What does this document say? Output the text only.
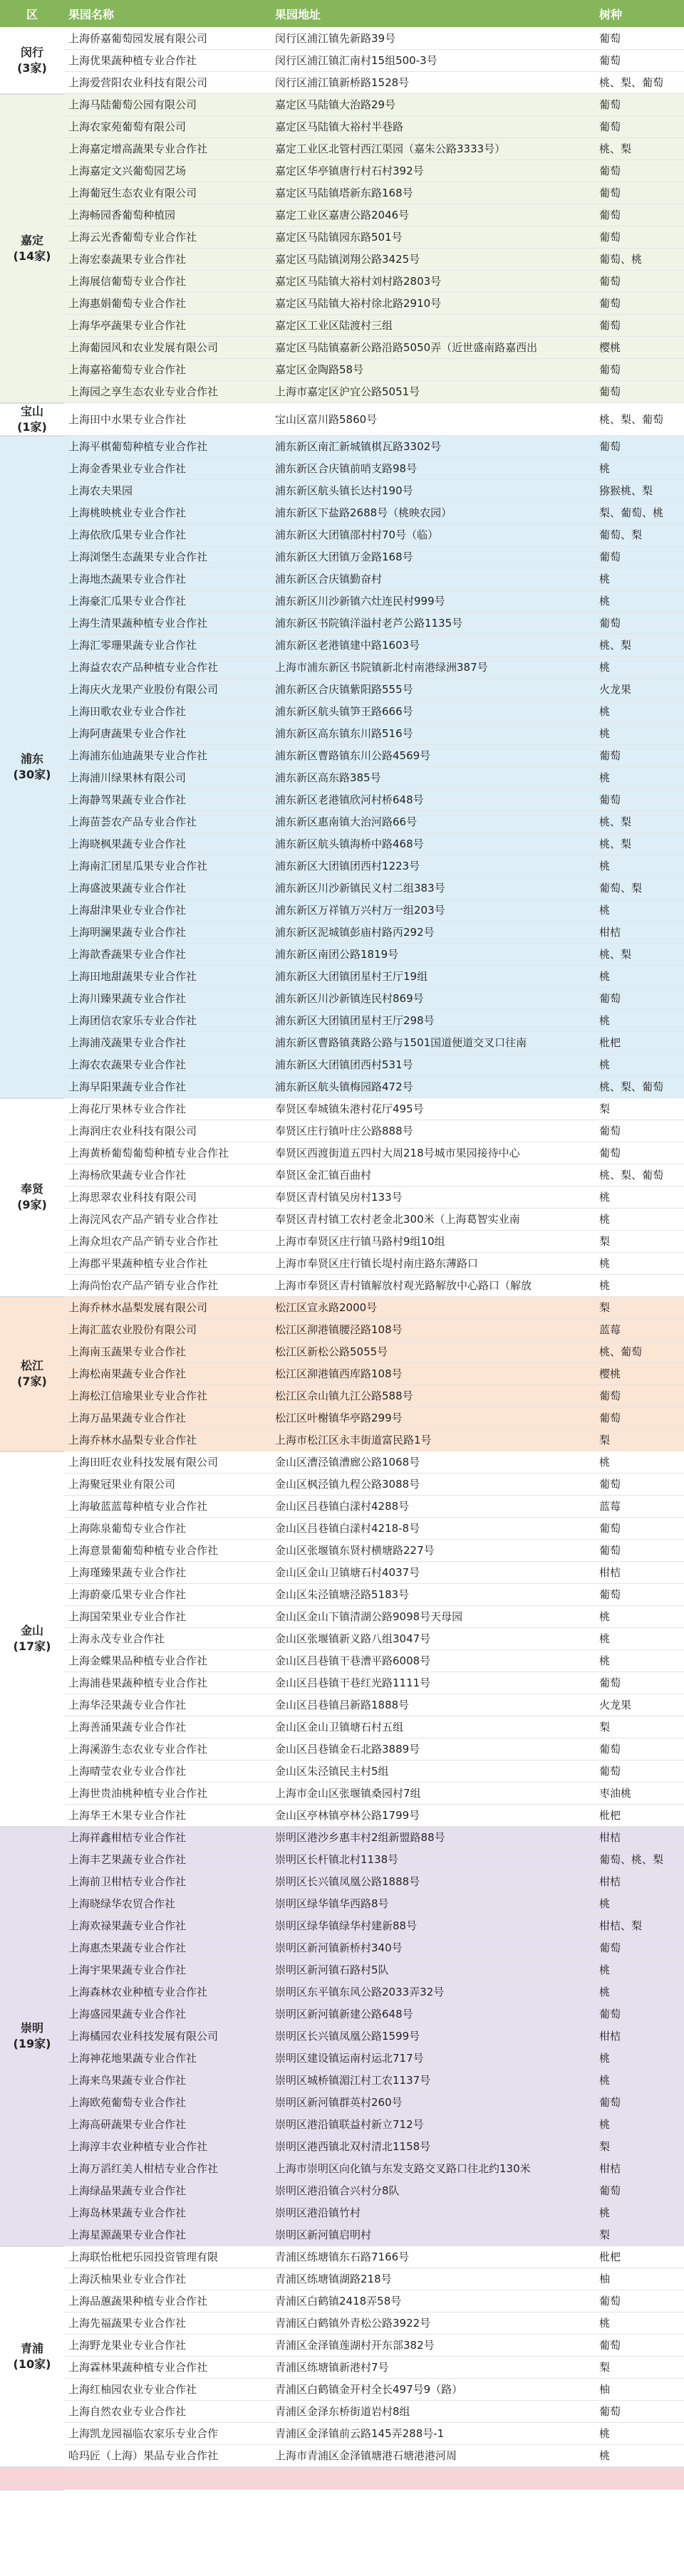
区	果园名称	果园地址	树种

闵行
(3家)	上海侨嘉葡萄园发展有限公司	闵行区浦江镇先新路39号	葡萄
	上海优果蔬种植专业合作社	闵行区浦江镇汇南村15组500-3号	葡萄
	上海爱营阳农业科技有限公司	闵行区浦江镇新桥路1528号	桃、梨、葡萄

嘉定
(14家)	上海马陆葡萄公园有限公司	嘉定区马陆镇大治路29号	葡萄
	上海农家苑葡萄有限公司	嘉定区马陆镇大裕村半巷路	葡萄
	上海嘉定增高蔬果专业合作社	嘉定工业区北管村西江渠园（嘉朱公路3333号）	桃、梨
	上海嘉定文兴葡萄园艺场	嘉定区华亭镇唐行村石村392号	葡萄
	上海葡冠生态农业有限公司	嘉定区马陆镇塔新东路168号	葡萄
	上海畅园香葡萄种植园	嘉定工业区嘉唐公路2046号	葡萄
	上海云光香葡萄专业合作社	嘉定区马陆镇园东路501号	葡萄
	上海宏泰蔬果专业合作社	嘉定区马陆镇浏翔公路3425号	葡萄、桃
	上海展信葡萄专业合作社	嘉定区马陆镇大裕村刘村路2803号	葡萄
	上海惠娟葡萄专业合作社	嘉定区马陆镇大裕村徐北路2910号	葡萄
	上海华亭蔬果专业合作社	嘉定区工业区陆渡村三组	葡萄
	上海葡园风和农业发展有限公司	嘉定区马陆镇嘉新公路沿路5050弄（近世盛南路嘉西出	樱桃
	上海嘉裕葡萄专业合作社	嘉定区金陶路58号	葡萄
	上海园之享生态农业专业合作社	上海市嘉定区沪宜公路5051号	葡萄

宝山
(1家)	上海田中水果专业合作社	宝山区富川路5860号	桃、梨、葡萄

浦东
(30家)	上海平棋葡萄种植专业合作社	浦东新区南汇新城镇棋瓦路3302号	葡萄
	上海金香果业专业合作社	浦东新区合庆镇前哨支路98号	桃
	上海农夫果园	浦东新区航头镇长达村190号	猕猴桃、梨
	上海桃映桃业专业合作社	浦东新区下盐路2688号（桃映农园）	梨、葡萄、桃
	上海依欣瓜果专业合作社	浦东新区大团镇邵村村70号（临）	葡萄、梨
	上海浏堡生态蔬果专业合作社	浦东新区大团镇万金路168号	葡萄
	上海地杰蔬果专业合作社	浦东新区合庆镇勤奋村	桃
	上海豪汇瓜果专业合作社	浦东新区川沙新镇六灶连民村999号	桃
	上海生清果蔬种植专业合作社	浦东新区书院镇洋溢村老芦公路1135号	葡萄
	上海汇零珊果蔬专业合作社	浦东新区老港镇建中路1603号	桃、梨
	上海益农农产品种植专业合作社	上海市浦东新区书院镇新北村南港绿洲387号	桃
	上海庆火龙果产业股份有限公司	浦东新区合庆镇紫阳路555号	火龙果
	上海田歌农业专业合作社	浦东新区航头镇笋王路666号	桃
	上海阿唐蔬果专业合作社	浦东新区高东镇东川路516号	桃
	上海浦东仙迪蔬果专业合作社	浦东新区曹路镇东川公路4569号	葡萄
	上海浦川绿果林有限公司	浦东新区高东路385号	桃
	上海静驾果蔬专业合作社	浦东新区老港镇欣河村桥648号	葡萄
	上海苗荟农产品专业合作社	浦东新区惠南镇大治河路66号	桃、梨
	上海晓枫果蔬专业合作社	浦东新区航头镇海桥中路468号	桃、梨
	上海南汇团星瓜果专业合作社	浦东新区大团镇团西村1223号	桃
	上海盛波果蔬专业合作社	浦东新区川沙新镇民义村二组383号	葡萄、梨
	上海甜津果业专业合作社	浦东新区万祥镇万兴村万一组203号	桃
	上海明澜果蔬专业合作社	浦东新区泥城镇彭庙村路丙292号	柑桔
	上海歆香蔬果专业合作社	浦东新区南团公路1819号	桃、梨
	上海田地甜蔬果专业合作社	浦东新区大团镇团星村王厅19组	桃
	上海川臻果蔬专业合作社	浦东新区川沙新镇连民村869号	葡萄
	上海团信农家乐专业合作社	浦东新区大团镇团星村王厅298号	桃
	上海浦茂蔬果专业合作社	浦东新区曹路镇龚路公路与1501国道便道交叉口往南	枇杷
	上海农农蔬果专业合作社	浦东新区大团镇团西村531号	桃
	上海早阳果蔬专业合作社	浦东新区航头镇梅园路472号	桃、梨、葡萄

奉贤
(9家)	上海花厅果林专业合作社	奉贤区奉城镇朱港村花厅495号	梨
	上海润庄农业科技有限公司	奉贤区庄行镇叶庄公路888号	葡萄
	上海黄桥葡萄葡萄种植专业合作社	奉贤区西渡街道五四村大周218号城市果园接待中心	葡萄
	上海杨欣果蔬专业合作社	奉贤区金汇镇百曲村	桃、梨、葡萄
	上海思翠农业科技有限公司	奉贤区青村镇吴房村133号	桃
	上海浣风农产品产销专业合作社	奉贤区青村镇工农村老金北300米（上海葛智实业南	桃
	上海众坦农产品产销专业合作社	上海市奉贤区庄行镇马路村9组10组	梨
	上海郡平果蔬种植专业合作社	上海市奉贤区庄行镇长堤村南庄路东薄路口	桃
	上海尚怡农产品产销专业合作社	上海市奉贤区青村镇解放村观光路解放中心路口（解放	桃

松江
(7家)	上海乔林水晶梨发展有限公司	松江区宣永路2000号	梨
	上海汇蓝农业股份有限公司	松江区泖港镇腰泾路108号	蓝莓
	上海南玉蔬果专业合作社	松江区新松公路5055号	桃、葡萄
	上海松南果蔬专业合作社	松江区泖港镇西库路108号	樱桃
	上海松江信瑜果业专业合作社	松江区佘山镇九江公路588号	葡萄
	上海万晶果蔬专业合作社	松江区叶榭镇华亭路299号	葡萄
	上海乔林水晶梨专业合作社	上海市松江区永丰街道富民路1号	梨

金山
(17家)	上海田旺农业科技发展有限公司	金山区漕泾镇漕廊公路1068号	桃
	上海聚冠果业有限公司	金山区枫泾镇九程公路3088号	葡萄
	上海敏蓝蓝莓种植专业合作社	金山区吕巷镇白漾村4288号	蓝莓
	上海陈泉葡萄专业合作社	金山区吕巷镇白漾村4218-8号	葡萄
	上海意景葡葡萄种植专业合作社	金山区张堰镇东贤村横塘路227号	葡萄
	上海瑾臻果蔬专业合作社	金山区金山卫镇塘石村4037号	柑桔
	上海蔚豪瓜果专业合作社	金山区朱泾镇塘泾路5183号	葡萄
	上海国荣果业专业合作社	金山区金山下镇清湖公路9098号天母园	桃
	上海永茂专业合作社	金山区张堰镇新义路八组3047号	桃
	上海金蝶果品种植专业合作社	金山区吕巷镇干巷漕平路6008号	桃
	上海浦巷果蔬种植专业合作社	金山区吕巷镇干巷红光路1111号	葡萄
	上海华泾果蔬专业合作社	金山区吕巷镇吕新路1888号	火龙果
	上海善涌果蔬专业合作社	金山区金山卫镇塘石村五组	梨
	上海溪游生态农业专业合作社	金山区吕巷镇金石北路3889号	葡萄
	上海晴莹农业专业合作社	金山区朱泾镇民主村5组	葡萄
	上海世贵油桃种植专业合作社	上海市金山区张堰镇桑园村7组	枣油桃
	上海华王木果专业合作社	金山区亭林镇亭林公路1799号	枇杷

崇明
(19家)	上海祥鑫柑桔专业合作社	崇明区港沙乡惠丰村2组新盟路88号	柑桔
	上海丰艺果蔬专业合作社	崇明区长杆镇北村1138号	葡萄、桃、梨
	上海前卫柑桔专业合作社	崇明区长兴镇凤凰公路1888号	柑桔
	上海晓绿华农贸合作社	崇明区绿华镇华西路8号	桃
	上海欢禄果蔬专业合作社	崇明区绿华镇绿华村建新88号	柑桔、梨
	上海惠杰果蔬专业合作社	崇明区新河镇新桥村340号	葡萄
	上海宇果果蔬专业合作社	崇明区新河镇石路村5队	桃
	上海森林农业种植专业合作社	崇明区东平镇东风公路2033弄32号	桃
	上海盛园果蔬专业合作社	崇明区新河镇新建公路648号	葡萄
	上海橘园农业科技发展有限公司	崇明区长兴镇凤凰公路1599号	柑桔
	上海神花地果蔬专业合作社	崇明区建设镇运南村运北717号	桃
	上海来鸟果蔬专业合作社	崇明区城桥镇湄江村工农1137号	桃
	上海欧苑葡萄专业合作社	崇明区新河镇群英村260号	葡萄
	上海高研蔬果专业合作社	崇明区港沿镇联益村新立712号	桃
	上海淳丰农业种植专业合作社	崇明区港西镇北双村清北1158号	梨
	上海万滔红美人柑桔专业合作社	上海市崇明区向化镇与东发支路交叉路口往北约130米	柑桔
	上海绿晶果蔬专业合作社	崇明区港沿镇合兴村分8队	葡萄
	上海岛林果蔬专业合作社	崇明区港沿镇竹村	桃
	上海星源蔬果专业合作社	崇明区新河镇启明村	梨

青浦
(10家)	上海联怡枇杷乐园投资管理有限	青浦区练塘镇东石路7166号	枇杷
	上海沃柚果业专业合作社	青浦区练塘镇湖路218号	柚
	上海品蕙蔬果种植专业合作社	青浦区白鹤镇2418弄58号	葡萄
	上海先福蔬果专业合作社	青浦区白鹤镇外青松公路3922号	桃
	上海野龙果业专业合作社	青浦区金泽镇莲湖村开东部382号	葡萄
	上海霖林果蔬种植专业合作社	青浦区练塘镇新港村7号	梨
	上海红柚园农业专业合作社	青浦区白鹤镇金开村全长497号9（路）	柚
	上海自然农业专业合作社	青浦区金泽东桥街道岩村8组	葡萄
	上海凯龙园福临农家乐专业合作	青浦区金泽镇前云路145弄288号-1	桃
	哈玛匠（上海）果品专业合作社	上海市青浦区金泽镇塘港石塘港港河周	桃
